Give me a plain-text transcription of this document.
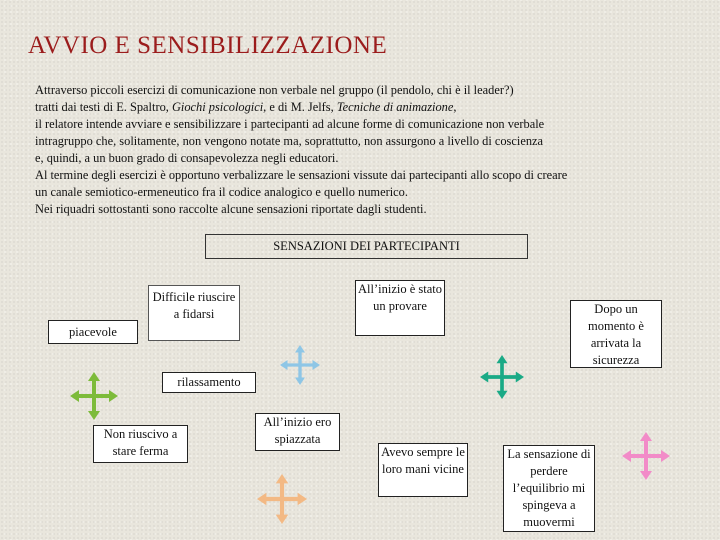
AVVIO E SENSIBILIZZAZIONE
Attraverso piccoli esercizi di comunicazione non verbale nel gruppo (il pendolo, chi è il leader?)
tratti dai testi di E. Spaltro, Giochi psicologici, e di M. Jelfs, Tecniche di animazione,
il relatore intende avviare e sensibilizzare i partecipanti ad alcune forme di comunicazione non verbale
intragruppo che, solitamente, non vengono notate ma, soprattutto, non assurgono a livello di coscienza
e, quindi, a un buon grado di consapevolezza negli educatori.
Al termine degli esercizi è opportuno verbalizzare le sensazioni vissute dai partecipanti allo scopo di creare
un canale semiotico-ermeneutico fra il codice analogico e quello numerico.
Nei riquadri sottostanti sono raccolte alcune sensazioni riportate dagli studenti.
SENSAZIONI DEI PARTECIPANTI
piacevole
Difficile riuscire a fidarsi
All’inizio è stato un provare	Dopo un momento è arrivata la sicurezza
rilassamento
Non riuscivo a stare ferma
All’inizio ero spiazzata
Avevo sempre le loro mani vicine
La sensazione di perdere l’equilibrio mi spingeva a muovermi
